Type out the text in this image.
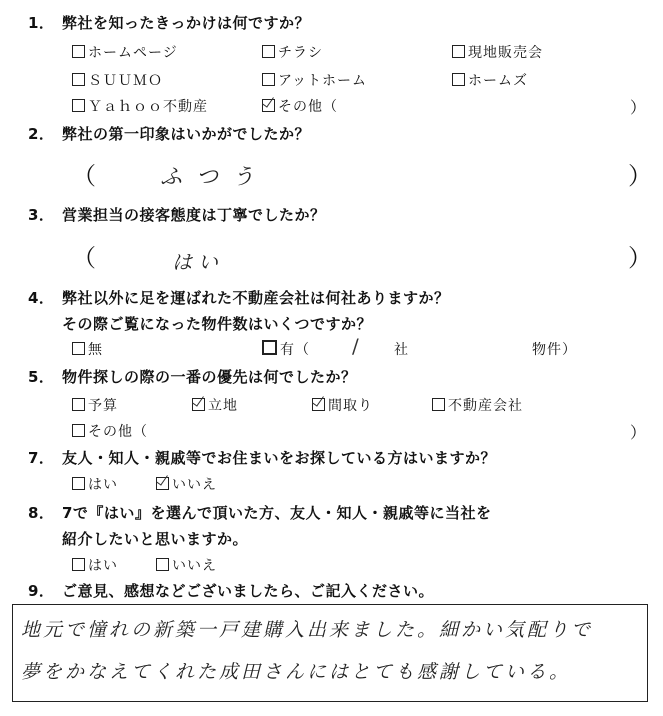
1． 弊社を知ったきっかけは何ですか？
ホームページ	チラシ	現地販売会
ＳＵＵＭＯ	アットホーム	ホームズ
Ｙａｈｏｏ不動産	その他（	）
2． 弊社の第一印象はいかがでしたか？
（	ふつう	）
3． 営業担当の接客態度は丁寧でしたか？
（	はい	）
4． 弊社以外に足を運ばれた不動産会社は何社ありますか？
その際ご覧になった物件数はいくつですか？
無	有（ /	社	物件）
5． 物件探しの際の一番の優先は何でしたか？
予算	立地	間取り	不動産会社
その他（	）
7． 友人・知人・親戚等でお住まいをお探している方はいますか？
はい	いいえ
8． 7で『はい』を選んで頂いた方、友人・知人・親戚等に当社を
紹介したいと思いますか。
はい	いいえ
9． ご意見、感想などございましたら、ご記入ください。
地元で憧れの新築一戸建購入出来ました。細かい気配りで
夢をかなえてくれた成田さんにはとても感謝している。
